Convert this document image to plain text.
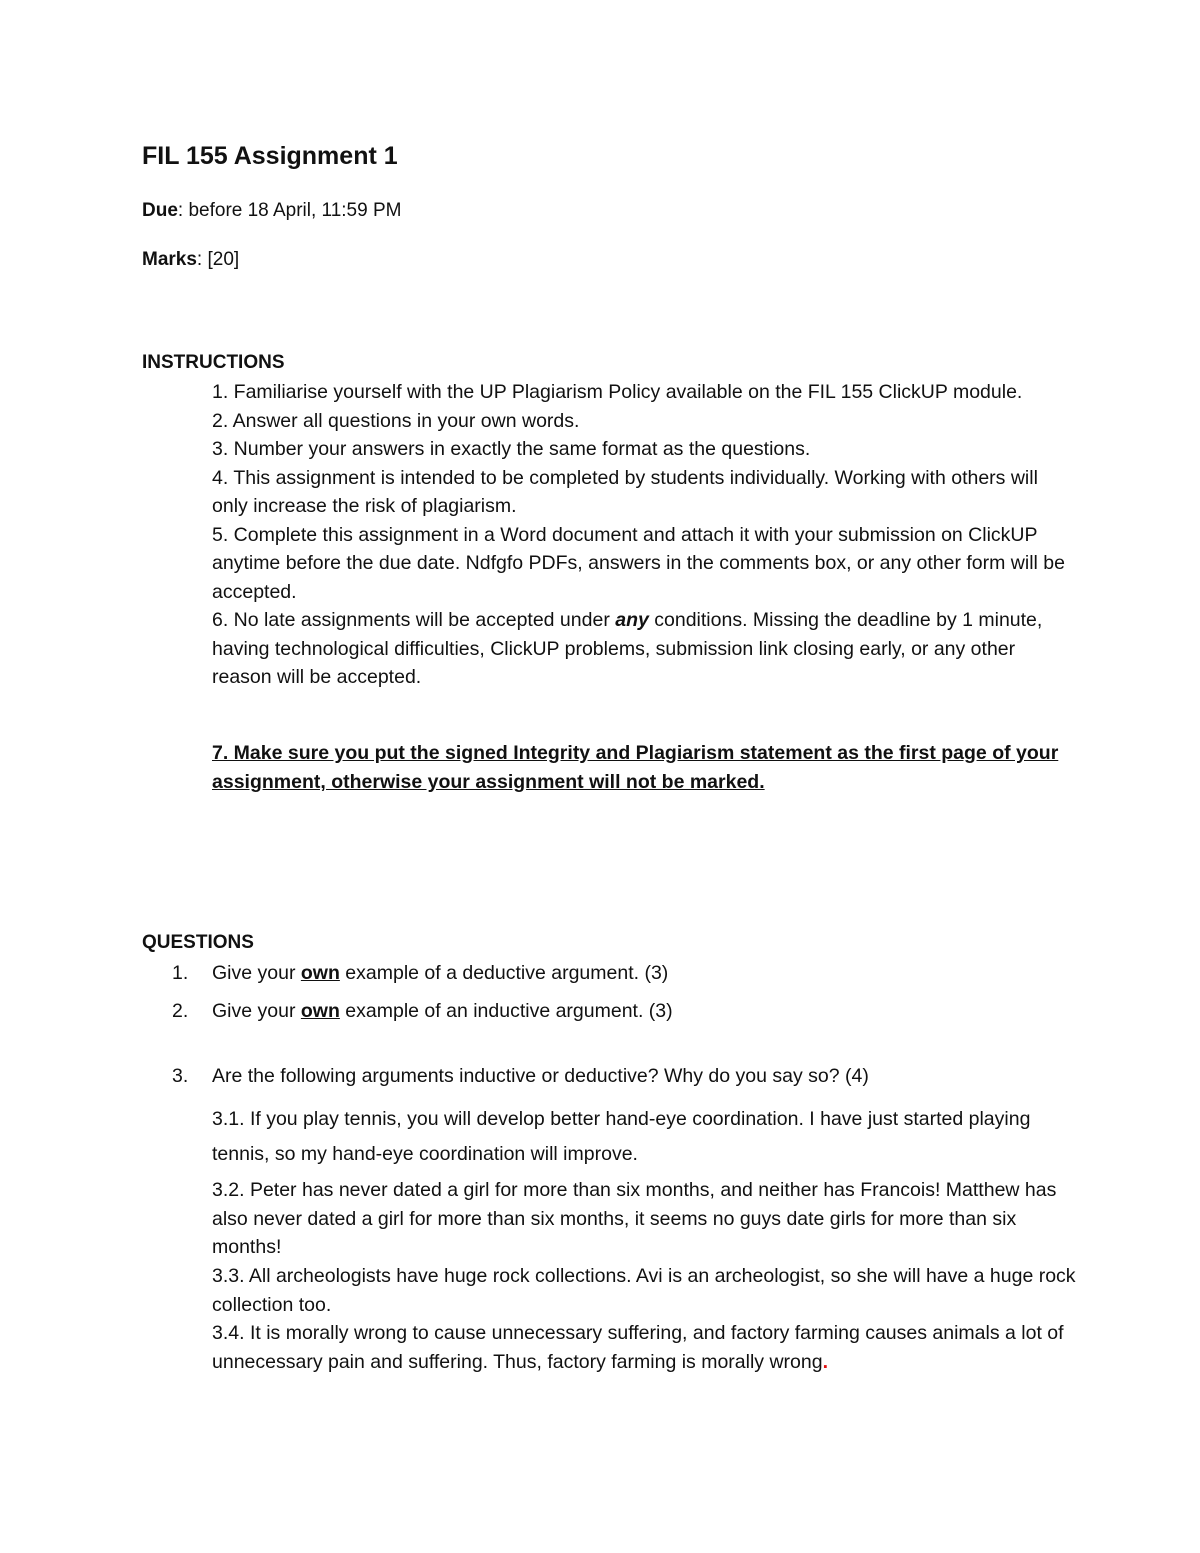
FIL 155 Assignment 1

Due: before 18 April, 11:59 PM

Marks: [20]

INSTRUCTIONS

1. Familiarise yourself with the UP Plagiarism Policy available on the FIL 155 ClickUP module.

2. Answer all questions in your own words.

3. Number your answers in exactly the same format as the questions.

4. This assignment is intended to be completed by students individually. Working with others will only increase the risk of plagiarism.

5. Complete this assignment in a Word document and attach it with your submission on ClickUP anytime before the due date. Ndfgfo PDFs, answers in the comments box, or any other form will be accepted.

6. No late assignments will be accepted under any conditions. Missing the deadline by 1 minute, having technological difficulties, ClickUP problems, submission link closing early, or any other reason will be accepted.

7. Make sure you put the signed Integrity and Plagiarism statement as the first page of your assignment, otherwise your assignment will not be marked.

QUESTIONS

1. Give your own example of a deductive argument. (3)

2. Give your own example of an inductive argument. (3)

3. Are the following arguments inductive or deductive? Why do you say so? (4)

3.1. If you play tennis, you will develop better hand-eye coordination. I have just started playing tennis, so my hand-eye coordination will improve.

3.2. Peter has never dated a girl for more than six months, and neither has Francois! Matthew has also never dated a girl for more than six months, it seems no guys date girls for more than six months!

3.3. All archeologists have huge rock collections. Avi is an archeologist, so she will have a huge rock collection too.

3.4. It is morally wrong to cause unnecessary suffering, and factory farming causes animals a lot of unnecessary pain and suffering. Thus, factory farming is morally wrong.
